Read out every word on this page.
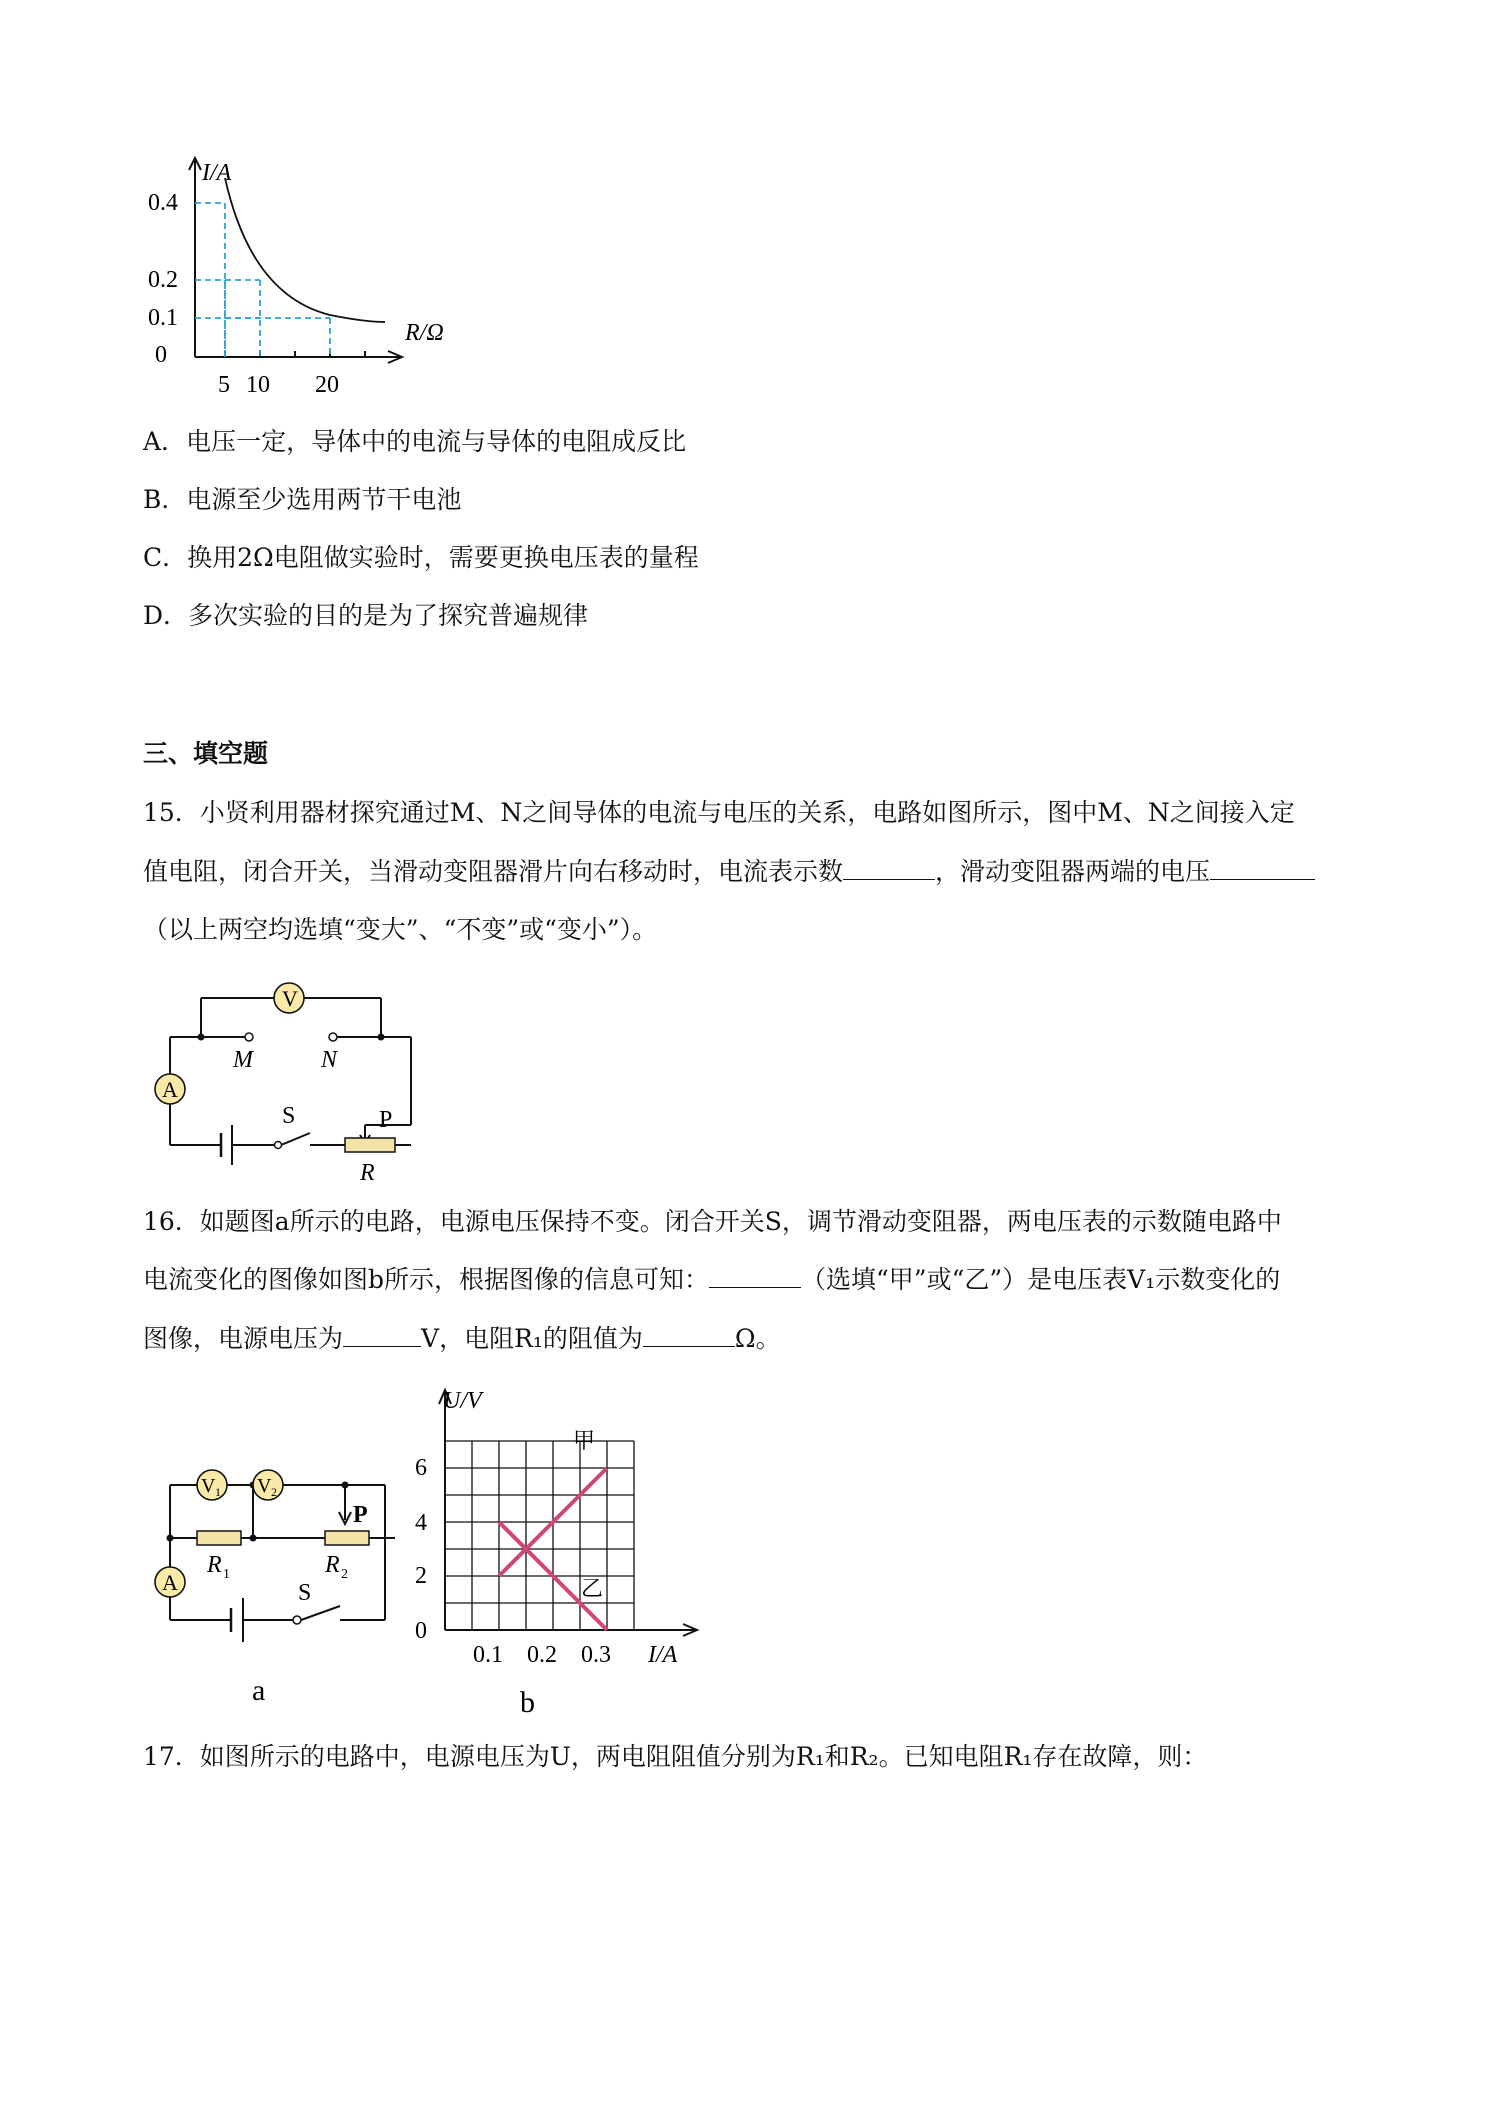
I/A
R/Ω
0
0.4
0.2
0.1
5 10 20
A．电压一定，导体中的电流与导体的电阻成反比
B．电源至少选用两节干电池
C．换用2Ω电阻做实验时，需要更换电压表的量程
D．多次实验的目的是为了探究普遍规律
三、填空题
15．小贤利用器材探究通过M、N之间导体的电流与电压的关系，电路如图所示，图中M、N之间接入定
值电阻，闭合开关，当滑动变阻器滑片向右移动时，电流表示数	，滑动变阻器两端的电压
（以上两空均选填“变大”、“不变”或“变小”）。
V
A
M	N
S	P
R
16．如题图a所示的电路，电源电压保持不变。闭合开关S，调节滑动变阻器，两电压表的示数随电路中
电流变化的图像如图b所示，根据图像的信息可知：	（选填“甲”或“乙”）是电压表V₁示数变化的
图像，电源电压为	V，电阻R₁的阻值为	Ω。
V 1 V 2
A
R 1	R 2
S
P
a
U/V
6
4
2
0
0.1 0.2 0.3 I/A
甲
乙
b
17．如图所示的电路中，电源电压为U，两电阻阻值分别为R₁和R₂。已知电阻R₁存在故障，则：
